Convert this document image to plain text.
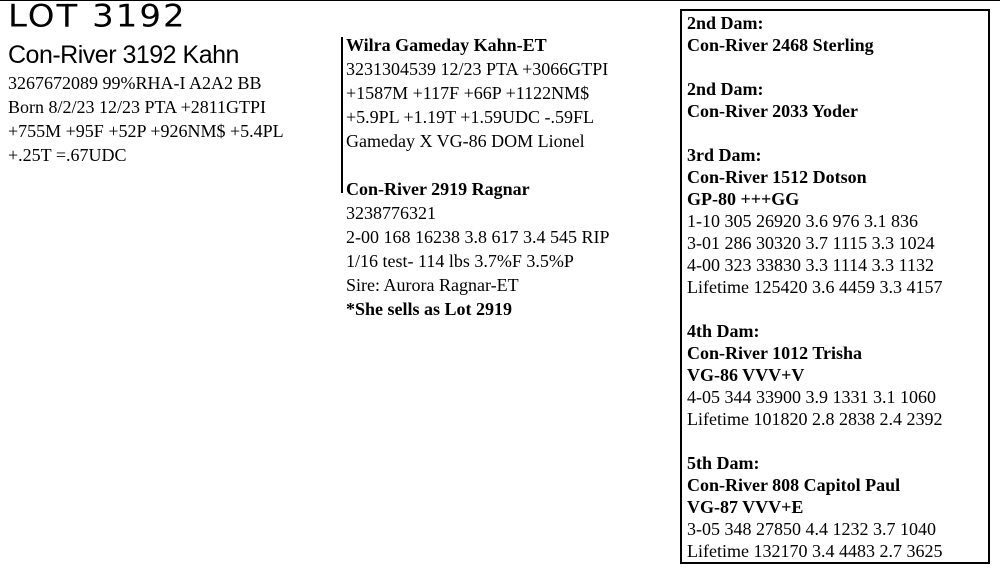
LOT 3192
Con-River 3192 Kahn
3267672089 99%RHA-I A2A2 BB
Born 8/2/23 12/23 PTA +2811GTPI
+755M +95F +52P +926NM$ +5.4PL
+.25T =.67UDC
Wilra Gameday Kahn-ET
3231304539 12/23 PTA +3066GTPI
+1587M +117F +66P +1122NM$
+5.9PL +1.19T +1.59UDC -.59FL
Gameday X VG-86 DOM Lionel
Con-River 2919 Ragnar
3238776321
2-00 168 16238 3.8 617 3.4 545 RIP
1/16 test- 114 lbs 3.7%F 3.5%P
Sire: Aurora Ragnar-ET
*She sells as Lot 2919
2nd Dam:
Con-River 2468 Sterling
2nd Dam:
Con-River 2033 Yoder
3rd Dam:
Con-River 1512 Dotson
GP-80 +++GG
1-10 305 26920 3.6 976 3.1 836
3-01 286 30320 3.7 1115 3.3 1024
4-00 323 33830 3.3 1114 3.3 1132
Lifetime 125420 3.6 4459 3.3 4157
4th Dam:
Con-River 1012 Trisha
VG-86 VVV+V
4-05 344 33900 3.9 1331 3.1 1060
Lifetime 101820 2.8 2838 2.4 2392
5th Dam:
Con-River 808 Capitol Paul
VG-87 VVV+E
3-05 348 27850 4.4 1232 3.7 1040
Lifetime 132170 3.4 4483 2.7 3625
